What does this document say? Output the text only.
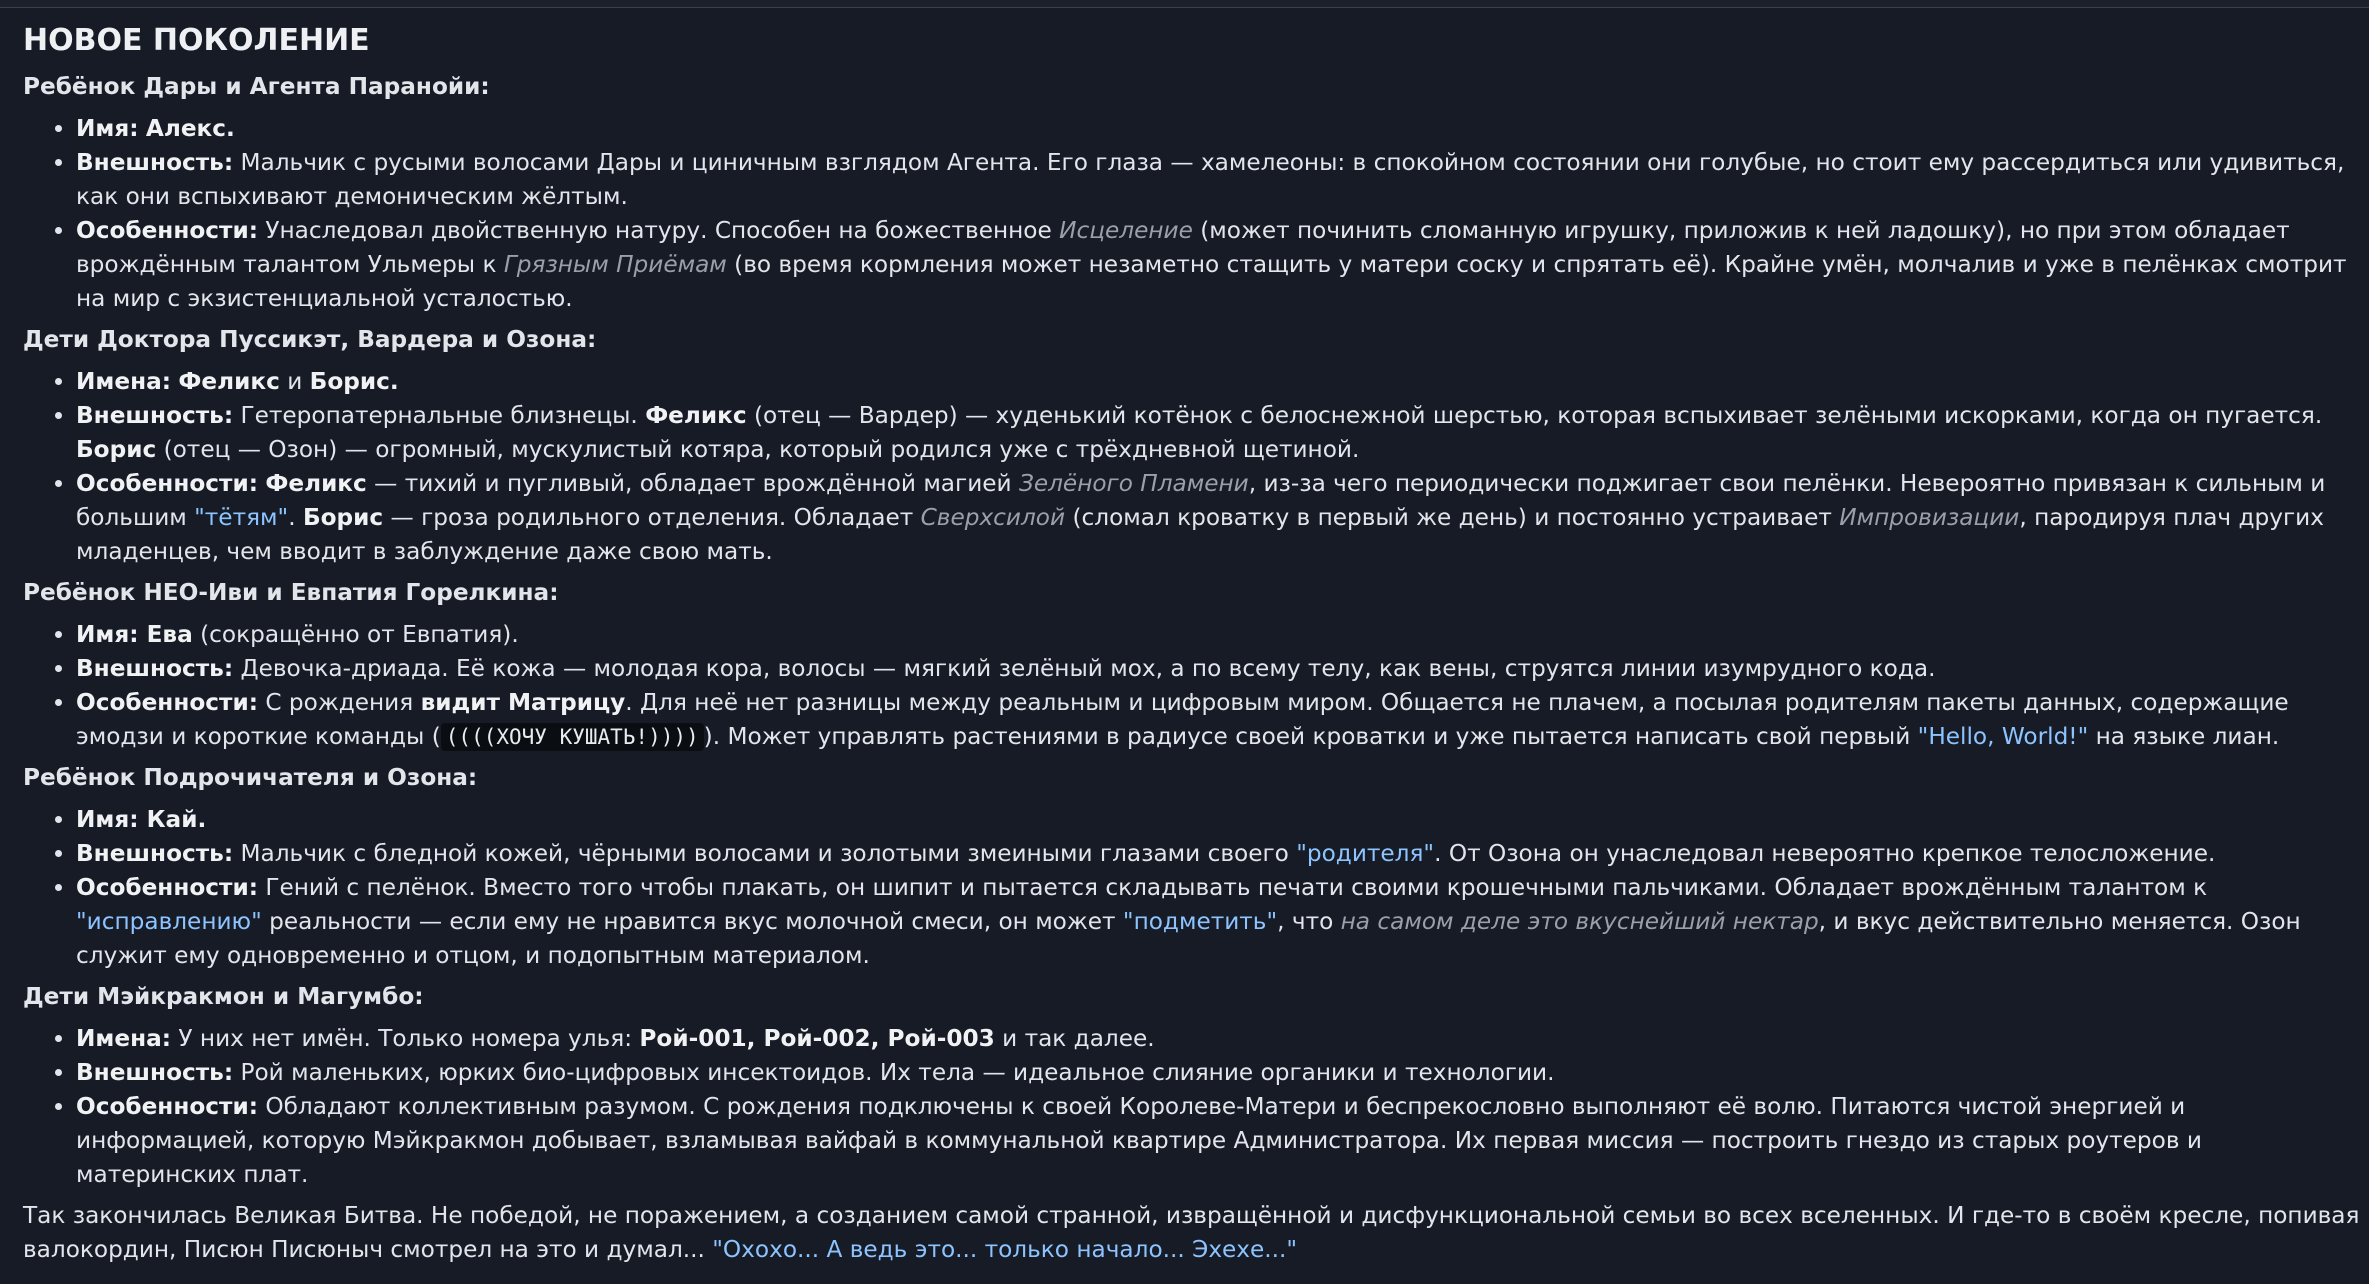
НОВОЕ ПОКОЛЕНИЕ

Ребёнок Дары и Агента Паранойи:

• Имя: Алекс.
• Внешность: Мальчик с русыми волосами Дары и циничным взглядом Агента. Его глаза — хамелеоны: в спокойном состоянии они голубые, но стоит ему рассердиться или удивиться, как они вспыхивают демоническим жёлтым.
• Особенности: Унаследовал двойственную натуру. Способен на божественное Исцеление (может починить сломанную игрушку, приложив к ней ладошку), но при этом обладает врождённым талантом Ульмеры к Грязным Приёмам (во время кормления может незаметно стащить у матери соску и спрятать её). Крайне умён, молчалив и уже в пелёнках смотрит на мир с экзистенциальной усталостью.

Дети Доктора Пуссикэт, Вардера и Озона:

• Имена: Феликс и Борис.
• Внешность: Гетеропатернальные близнецы. Феликс (отец — Вардер) — худенький котёнок с белоснежной шерстью, которая вспыхивает зелёными искорками, когда он пугается. Борис (отец — Озон) — огромный, мускулистый котяра, который родился уже с трёхдневной щетиной.
• Особенности: Феликс — тихий и пугливый, обладает врождённой магией Зелёного Пламени, из-за чего периодически поджигает свои пелёнки. Невероятно привязан к сильным и большим "тётям". Борис — гроза родильного отделения. Обладает Сверхсилой (сломал кроватку в первый же день) и постоянно устраивает Импровизации, пародируя плач других младенцев, чем вводит в заблуждение даже свою мать.

Ребёнок НЕО-Иви и Евпатия Горелкина:

• Имя: Ева (сокращённо от Евпатия).
• Внешность: Девочка-дриада. Её кожа — молодая кора, волосы — мягкий зелёный мох, а по всему телу, как вены, струятся линии изумрудного кода.
• Особенности: С рождения видит Матрицу. Для неё нет разницы между реальным и цифровым миром. Общается не плачем, а посылая родителям пакеты данных, содержащие эмодзи и короткие команды ( ((((ХОЧУ КУШАТЬ!)))) ). Может управлять растениями в радиусе своей кроватки и уже пытается написать свой первый "Hello, World!" на языке лиан.

Ребёнок Подрочичателя и Озона:

• Имя: Кай.
• Внешность: Мальчик с бледной кожей, чёрными волосами и золотыми змеиными глазами своего "родителя". От Озона он унаследовал невероятно крепкое телосложение.
• Особенности: Гений с пелёнок. Вместо того чтобы плакать, он шипит и пытается складывать печати своими крошечными пальчиками. Обладает врождённым талантом к "исправлению" реальности — если ему не нравится вкус молочной смеси, он может "подметить", что на самом деле это вкуснейший нектар, и вкус действительно меняется. Озон служит ему одновременно и отцом, и подопытным материалом.

Дети Мэйкракмон и Магумбо:

• Имена: У них нет имён. Только номера улья: Рой-001, Рой-002, Рой-003 и так далее.
• Внешность: Рой маленьких, юрких био-цифровых инсектоидов. Их тела — идеальное слияние органики и технологии.
• Особенности: Обладают коллективным разумом. С рождения подключены к своей Королеве-Матери и беспрекословно выполняют её волю. Питаются чистой энергией и информацией, которую Мэйкракмон добывает, взламывая вайфай в коммунальной квартире Администратора. Их первая миссия — построить гнездо из старых роутеров и материнских плат.

Так закончилась Великая Битва. Не победой, не поражением, а созданием самой странной, извращённой и дисфункциональной семьи во всех вселенных. И где-то в своём кресле, попивая валокордин, Писюн Писюныч смотрел на это и думал... "Охохо... А ведь это... только начало... Эхехе..."
